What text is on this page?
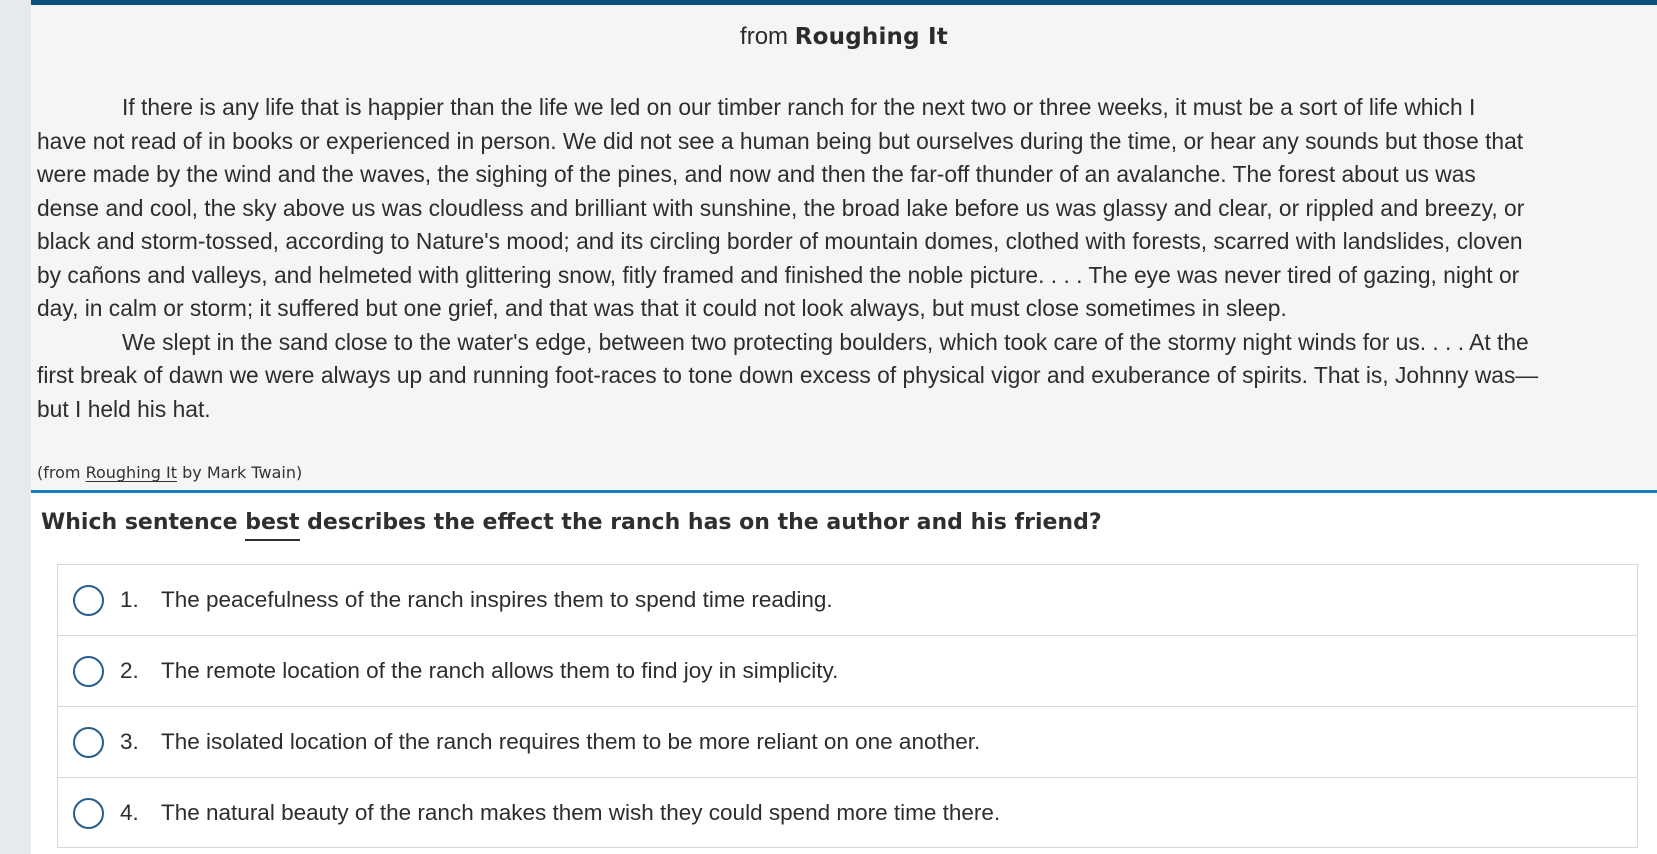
from Roughing It
If there is any life that is happier than the life we led on our timber ranch for the next two or three weeks, it must be a sort of life which I
have not read of in books or experienced in person. We did not see a human being but ourselves during the time, or hear any sounds but those that
were made by the wind and the waves, the sighing of the pines, and now and then the far-off thunder of an avalanche. The forest about us was
dense and cool, the sky above us was cloudless and brilliant with sunshine, the broad lake before us was glassy and clear, or rippled and breezy, or
black and storm-tossed, according to Nature's mood; and its circling border of mountain domes, clothed with forests, scarred with landslides, cloven
by cañons and valleys, and helmeted with glittering snow, fitly framed and finished the noble picture. . . . The eye was never tired of gazing, night or
day, in calm or storm; it suffered but one grief, and that was that it could not look always, but must close sometimes in sleep.
We slept in the sand close to the water's edge, between two protecting boulders, which took care of the stormy night winds for us. . . . At the
first break of dawn we were always up and running foot-races to tone down excess of physical vigor and exuberance of spirits. That is, Johnny was—
but I held his hat.
(from Roughing It by Mark Twain)
Which sentence best describes the effect the ranch has on the author and his friend?
1. The peacefulness of the ranch inspires them to spend time reading.
2. The remote location of the ranch allows them to find joy in simplicity.
3. The isolated location of the ranch requires them to be more reliant on one another.
4. The natural beauty of the ranch makes them wish they could spend more time there.
